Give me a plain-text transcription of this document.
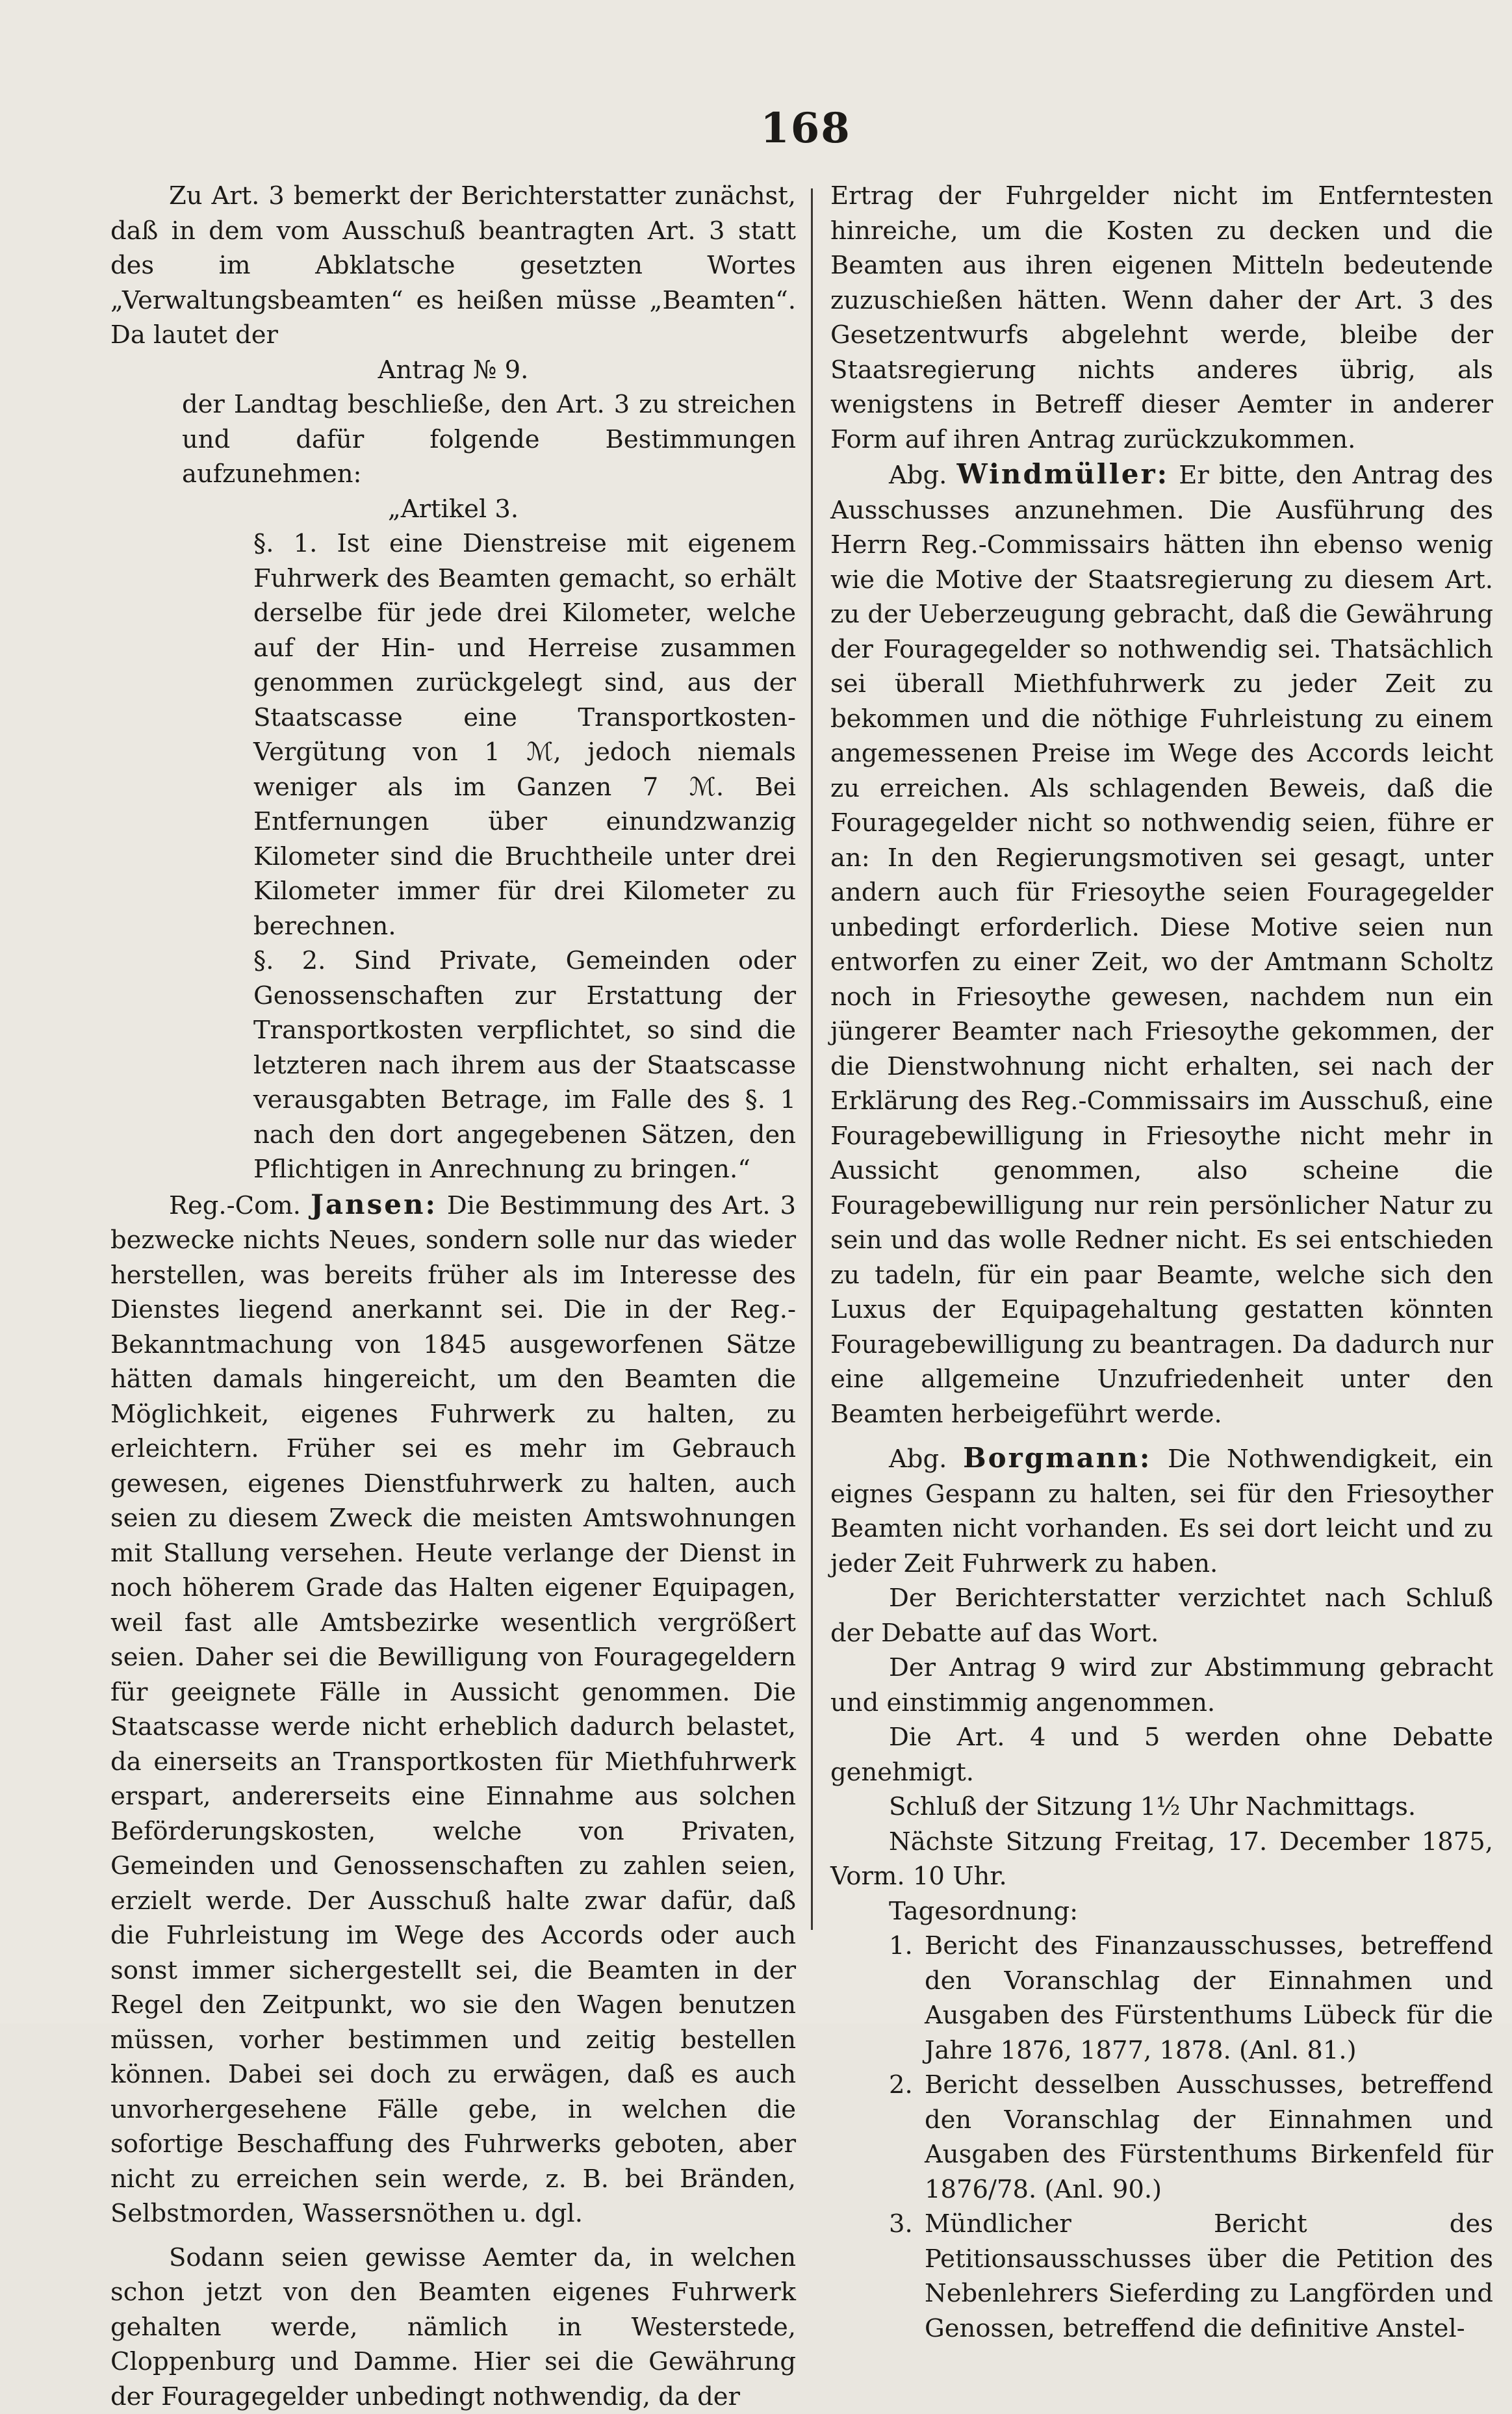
168

Zu Art. 3 bemerkt der Berichterstatter zunächst, daß in dem vom Ausschuß beantragten Art. 3 statt des im Abklatsche gesetzten Wortes „Verwaltungsbeamten“ es heißen müsse „Beamten“. Da lautet der

Antrag № 9.

der Landtag beschließe, den Art. 3 zu streichen und dafür folgende Bestimmungen aufzunehmen:

„Artikel 3.

§. 1. Ist eine Dienstreise mit eigenem Fuhrwerk des Beamten gemacht, so erhält derselbe für jede drei Kilometer, welche auf der Hin- und Herreise zusammen genommen zurückgelegt sind, aus der Staatscasse eine Transportkosten-Vergütung von 1 ℳ, jedoch niemals weniger als im Ganzen 7 ℳ. Bei Entfernungen über einundzwanzig Kilometer sind die Bruchtheile unter drei Kilometer immer für drei Kilometer zu berechnen.

§. 2. Sind Private, Gemeinden oder Genossenschaften zur Erstattung der Transportkosten verpflichtet, so sind die letzteren nach ihrem aus der Staatscasse verausgabten Betrage, im Falle des §. 1 nach den dort angegebenen Sätzen, den Pflichtigen in Anrechnung zu bringen.“

Reg.-Com. Jansen: Die Bestimmung des Art. 3 bezwecke nichts Neues, sondern solle nur das wieder herstellen, was bereits früher als im Interesse des Dienstes liegend anerkannt sei. Die in der Reg.-Bekanntmachung von 1845 ausgeworfenen Sätze hätten damals hingereicht, um den Beamten die Möglichkeit, eigenes Fuhrwerk zu halten, zu erleichtern. Früher sei es mehr im Gebrauch gewesen, eigenes Dienstfuhrwerk zu halten, auch seien zu diesem Zweck die meisten Amtswohnungen mit Stallung versehen. Heute verlange der Dienst in noch höherem Grade das Halten eigener Equipagen, weil fast alle Amtsbezirke wesentlich vergrößert seien. Daher sei die Bewilligung von Fouragegeldern für geeignete Fälle in Aussicht genommen. Die Staatscasse werde nicht erheblich dadurch belastet, da einerseits an Transportkosten für Miethfuhrwerk erspart, andererseits eine Einnahme aus solchen Beförderungskosten, welche von Privaten, Gemeinden und Genossenschaften zu zahlen seien, erzielt werde. Der Ausschuß halte zwar dafür, daß die Fuhrleistung im Wege des Accords oder auch sonst immer sichergestellt sei, die Beamten in der Regel den Zeitpunkt, wo sie den Wagen benutzen müssen, vorher bestimmen und zeitig bestellen können. Dabei sei doch zu erwägen, daß es auch unvorhergesehene Fälle gebe, in welchen die sofortige Beschaffung des Fuhrwerks geboten, aber nicht zu erreichen sein werde, z. B. bei Bränden, Selbstmorden, Wassersnöthen u. dgl.

Sodann seien gewisse Aemter da, in welchen schon jetzt von den Beamten eigenes Fuhrwerk gehalten werde, nämlich in Westerstede, Cloppenburg und Damme. Hier sei die Gewährung der Fouragegelder unbedingt nothwendig, da der

Ertrag der Fuhrgelder nicht im Entferntesten hinreiche, um die Kosten zu decken und die Beamten aus ihren eigenen Mitteln bedeutende zuzuschießen hätten. Wenn daher der Art. 3 des Gesetzentwurfs abgelehnt werde, bleibe der Staatsregierung nichts anderes übrig, als wenigstens in Betreff dieser Aemter in anderer Form auf ihren Antrag zurückzukommen.

Abg. Windmüller: Er bitte, den Antrag des Ausschusses anzunehmen. Die Ausführung des Herrn Reg.-Commissairs hätten ihn ebenso wenig wie die Motive der Staatsregierung zu diesem Art. zu der Ueberzeugung gebracht, daß die Gewährung der Fouragegelder so nothwendig sei. Thatsächlich sei überall Miethfuhrwerk zu jeder Zeit zu bekommen und die nöthige Fuhrleistung zu einem angemessenen Preise im Wege des Accords leicht zu erreichen. Als schlagenden Beweis, daß die Fouragegelder nicht so nothwendig seien, führe er an: In den Regierungsmotiven sei gesagt, unter andern auch für Friesoythe seien Fouragegelder unbedingt erforderlich. Diese Motive seien nun entworfen zu einer Zeit, wo der Amtmann Scholtz noch in Friesoythe gewesen, nachdem nun ein jüngerer Beamter nach Friesoythe gekommen, der die Dienstwohnung nicht erhalten, sei nach der Erklärung des Reg.-Commissairs im Ausschuß, eine Fouragebewilligung in Friesoythe nicht mehr in Aussicht genommen, also scheine die Fouragebewilligung nur rein persönlicher Natur zu sein und das wolle Redner nicht. Es sei entschieden zu tadeln, für ein paar Beamte, welche sich den Luxus der Equipagehaltung gestatten könnten Fouragebewilligung zu beantragen. Da dadurch nur eine allgemeine Unzufriedenheit unter den Beamten herbeigeführt werde.

Abg. Borgmann: Die Nothwendigkeit, ein eignes Gespann zu halten, sei für den Friesoyther Beamten nicht vorhanden. Es sei dort leicht und zu jeder Zeit Fuhrwerk zu haben.

Der Berichterstatter verzichtet nach Schluß der Debatte auf das Wort.

Der Antrag 9 wird zur Abstimmung gebracht und einstimmig angenommen.

Die Art. 4 und 5 werden ohne Debatte genehmigt.

Schluß der Sitzung 1½ Uhr Nachmittags.

Nächste Sitzung Freitag, 17. December 1875, Vorm. 10 Uhr.

Tagesordnung:

1. Bericht des Finanzausschusses, betreffend den Voranschlag der Einnahmen und Ausgaben des Fürstenthums Lübeck für die Jahre 1876, 1877, 1878. (Anl. 81.)
2. Bericht desselben Ausschusses, betreffend den Voranschlag der Einnahmen und Ausgaben des Fürstenthums Birkenfeld für 1876/78. (Anl. 90.)
3. Mündlicher Bericht des Petitionsausschusses über die Petition des Nebenlehrers Sieferding zu Langförden und Genossen, betreffend die definitive Anstel-
